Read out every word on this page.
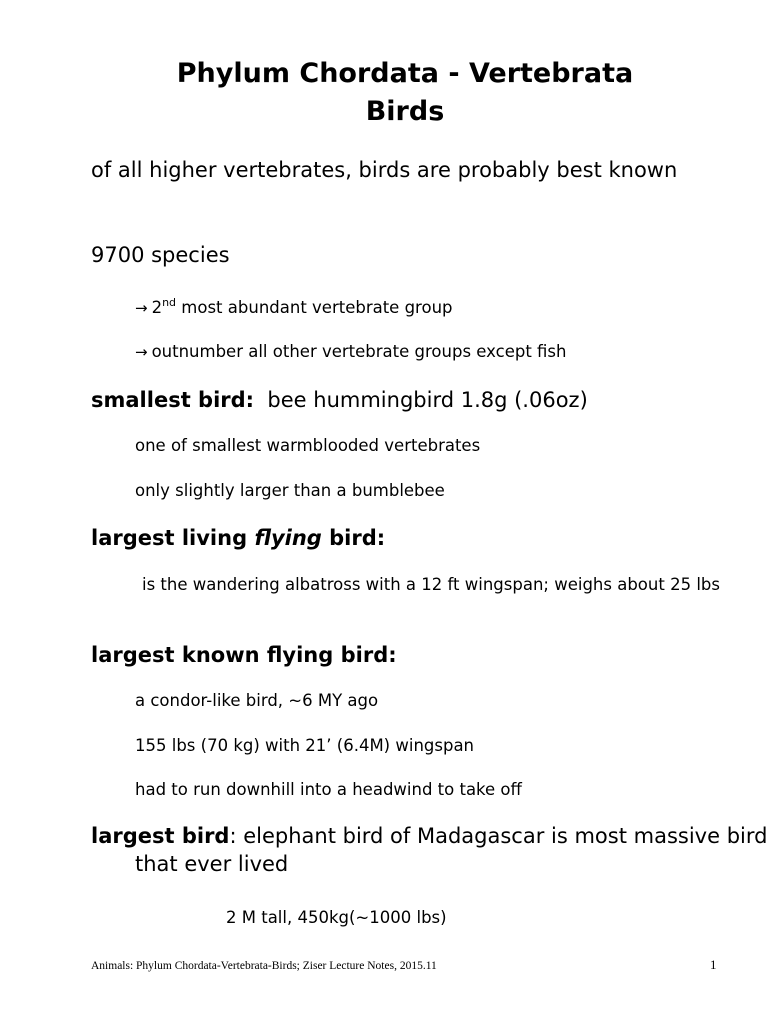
Phylum Chordata - Vertebrata
Birds
of all higher vertebrates, birds are probably best known
9700 species
→ 2nd most abundant vertebrate group
→ outnumber all other vertebrate groups except fish
smallest bird: bee hummingbird 1.8g (.06oz)
one of smallest warmblooded vertebrates
only slightly larger than a bumblebee
largest living flying bird:
is the wandering albatross with a 12 ft wingspan; weighs about 25 lbs
largest known flying bird:
a condor-like bird, ~6 MY ago
155 lbs (70 kg) with 21’ (6.4M) wingspan
had to run downhill into a headwind to take off
largest bird: elephant bird of Madagascar is most massive bird that ever lived
2 M tall, 450kg(~1000 lbs)
Animals: Phylum Chordata-Vertebrata-Birds; Ziser Lecture Notes, 2015.11	1
